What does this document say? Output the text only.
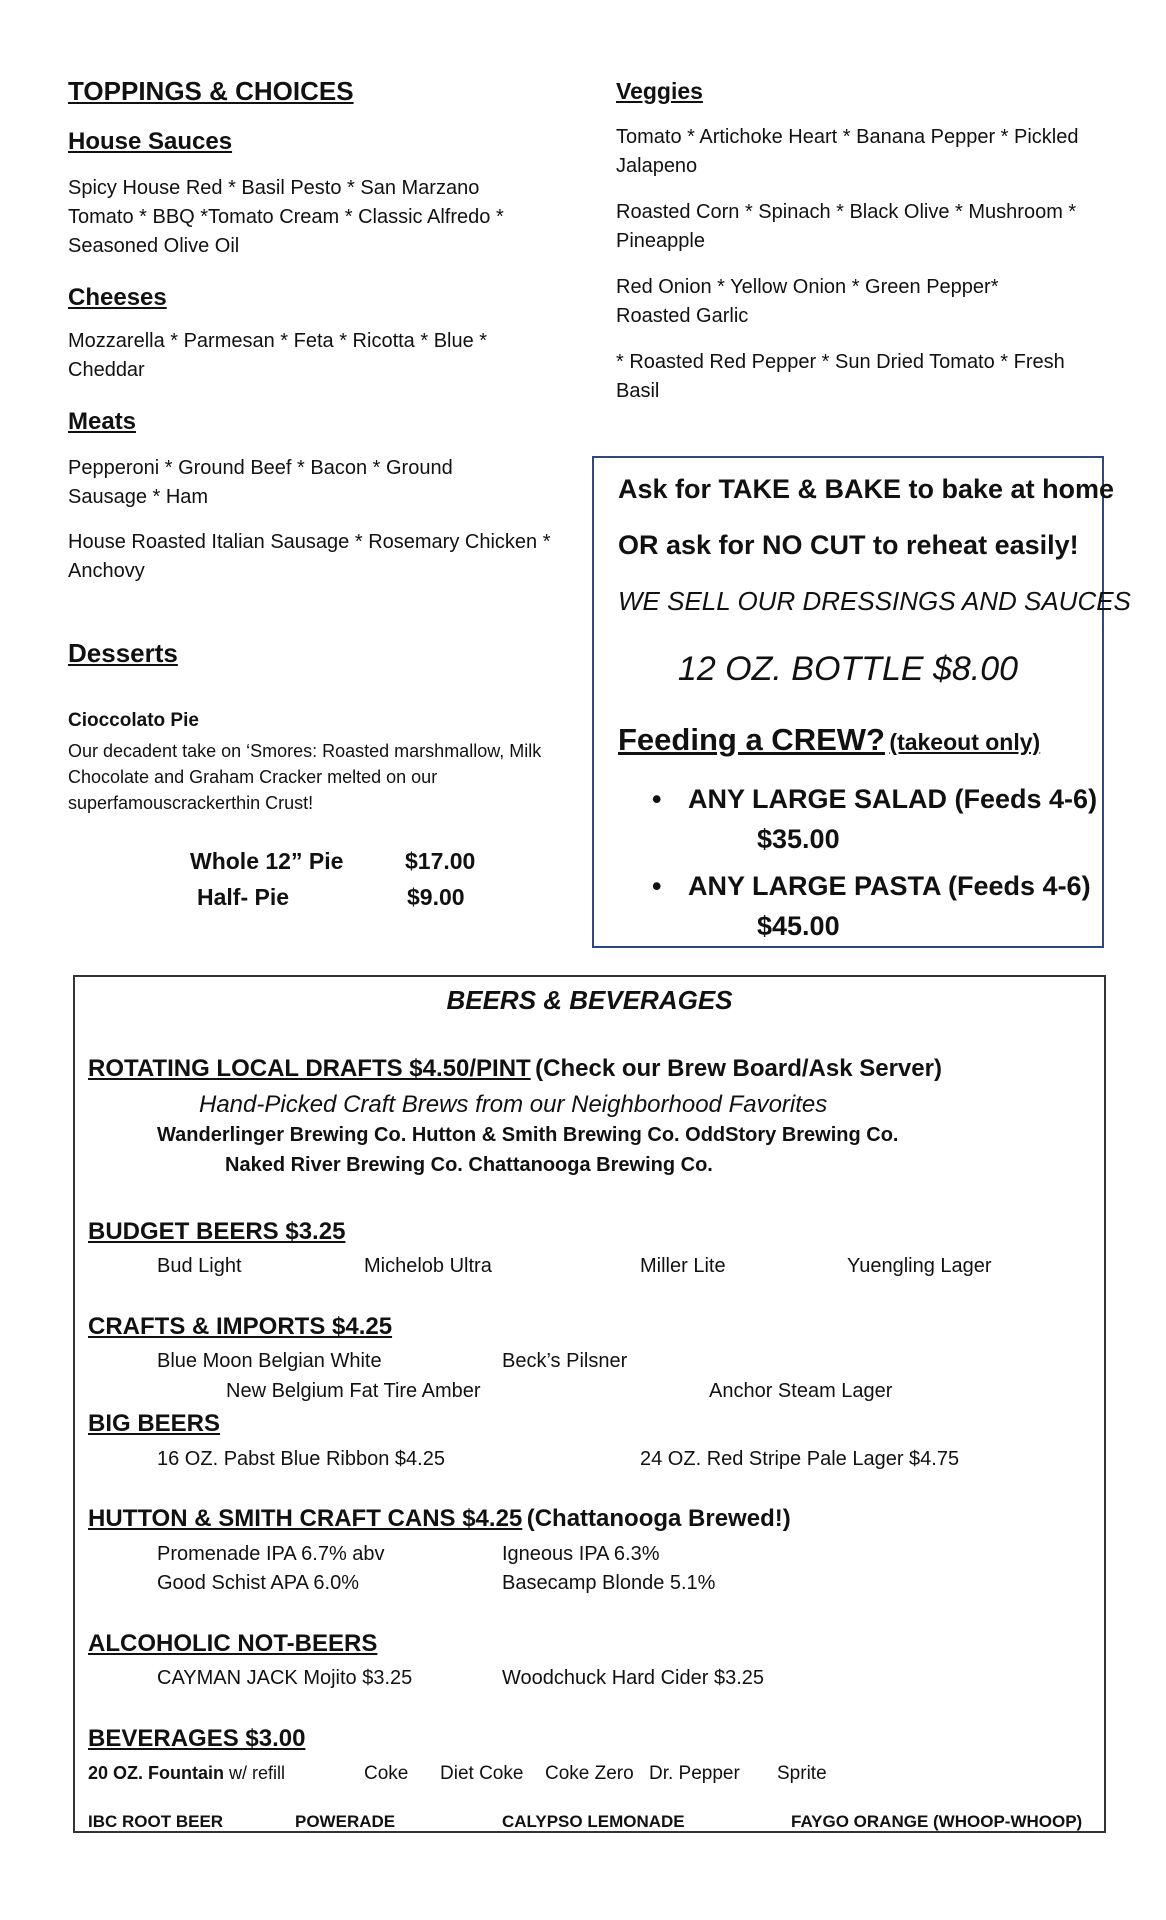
TOPPINGS & CHOICES
House Sauces
Spicy House Red * Basil Pesto * San Marzano Tomato * BBQ *Tomato Cream * Classic Alfredo * Seasoned Olive Oil
Cheeses
Mozzarella * Parmesan * Feta * Ricotta * Blue * Cheddar
Meats
Pepperoni * Ground Beef * Bacon * Ground Sausage * Ham
House Roasted Italian Sausage * Rosemary Chicken * Anchovy
Desserts
Cioccolato Pie
Our decadent take on ‘Smores: Roasted marshmallow, Milk Chocolate and Graham Cracker melted on our superfamouscrackerthin Crust!
Whole 12” Pie	$17.00
Half- Pie	$9.00
Veggies
Tomato * Artichoke Heart * Banana Pepper * Pickled Jalapeno
Roasted Corn * Spinach * Black Olive * Mushroom * Pineapple
Red Onion * Yellow Onion * Green Pepper* Roasted Garlic
* Roasted Red Pepper * Sun Dried Tomato * Fresh Basil
Ask for TAKE & BAKE to bake at home
OR ask for NO CUT to reheat easily!
WE SELL OUR DRESSINGS AND SAUCES
12 OZ. BOTTLE $8.00
Feeding a CREW? (takeout only)
• ANY LARGE SALAD (Feeds 4-6)
$35.00
• ANY LARGE PASTA (Feeds 4-6)
$45.00
BEERS & BEVERAGES
ROTATING LOCAL DRAFTS $4.50/PINT (Check our Brew Board/Ask Server)
Hand-Picked Craft Brews from our Neighborhood Favorites
Wanderlinger Brewing Co. Hutton & Smith Brewing Co. OddStory Brewing Co.
Naked River Brewing Co. Chattanooga Brewing Co.
BUDGET BEERS $3.25
Bud Light	Michelob Ultra	Miller Lite	Yuengling Lager
CRAFTS & IMPORTS $4.25
Blue Moon Belgian White	Beck’s Pilsner
New Belgium Fat Tire Amber	Anchor Steam Lager
BIG BEERS
16 OZ. Pabst Blue Ribbon $4.25	24 OZ. Red Stripe Pale Lager $4.75
HUTTON & SMITH CRAFT CANS $4.25 (Chattanooga Brewed!)
Promenade IPA 6.7% abv	Igneous IPA 6.3%
Good Schist APA 6.0%	Basecamp Blonde 5.1%
ALCOHOLIC NOT-BEERS
CAYMAN JACK Mojito $3.25	Woodchuck Hard Cider $3.25
BEVERAGES $3.00
20 OZ. Fountain w/ refill	Coke Diet Coke Coke Zero Dr. Pepper Sprite
IBC ROOT BEER	POWERADE	CALYPSO LEMONADE	FAYGO ORANGE (WHOOP-WHOOP)
